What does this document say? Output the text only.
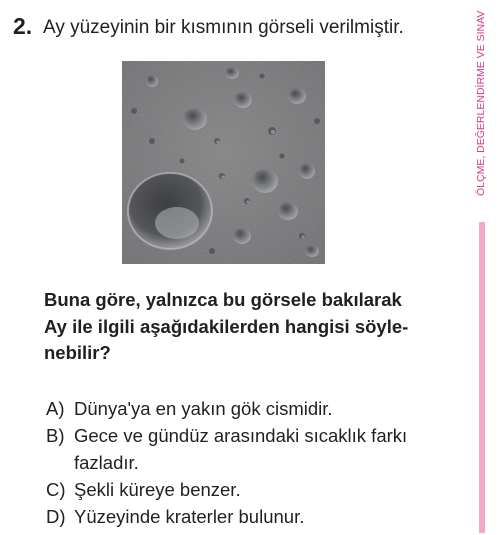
2. Ay yüzeyinin bir kısmının görseli verilmiştir.
Buna göre, yalnızca bu görsele bakılarak
Ay ile ilgili aşağıdakilerden hangisi söyle-
nebilir?
A) Dünya'ya en yakın gök cismidir.
B) Gece ve gündüz arasındaki sıcaklık farkı
fazladır.
C) Şekli küreye benzer.
D) Yüzeyinde kraterler bulunur.
ÖLÇME, DEĞERLENDİRME VE SINAV
